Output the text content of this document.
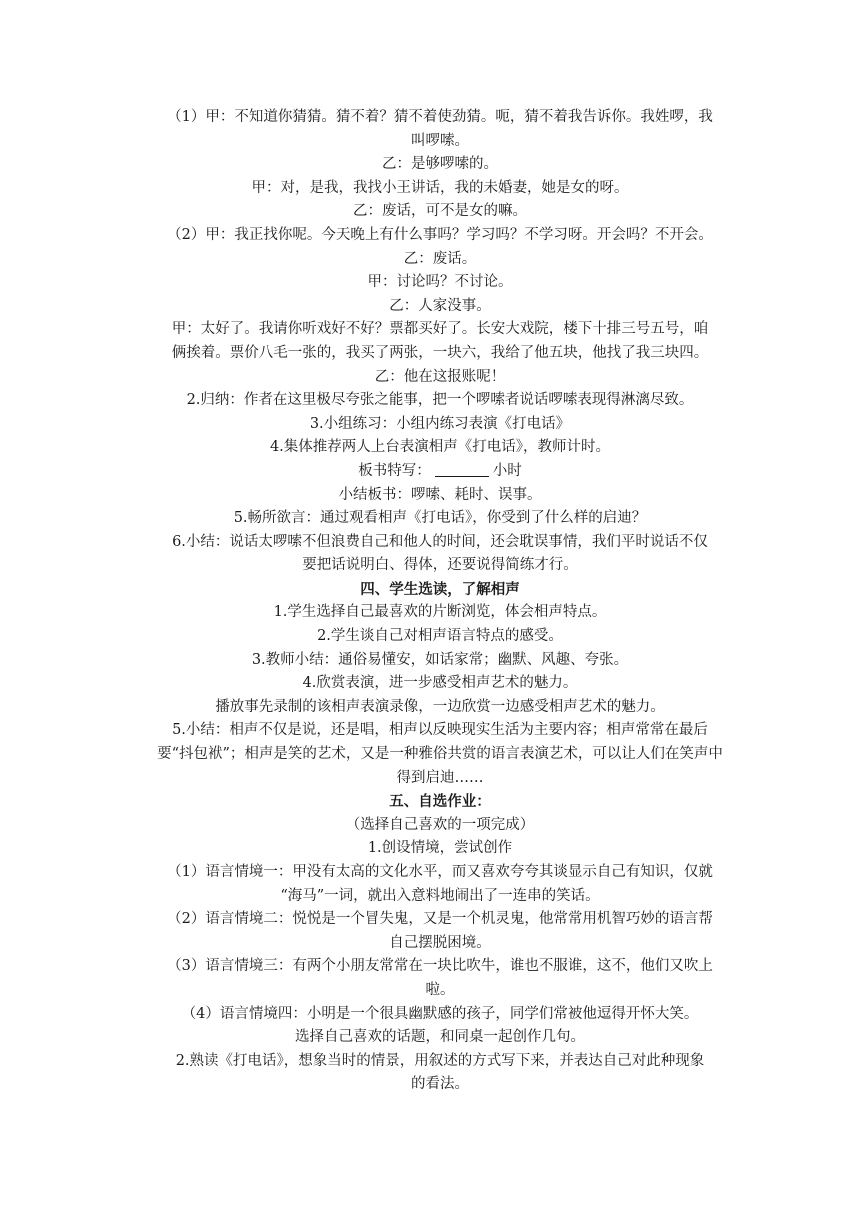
（1）甲：不知道你猜猜。猜不着？猜不着使劲猜。呃，猜不着我告诉你。我姓啰，我
叫啰嗦。
乙：是够啰嗦的。
甲：对，是我，我找小王讲话，我的未婚妻，她是女的呀。
乙：废话，可不是女的嘛。
（2）甲：我正找你呢。今天晚上有什么事吗？学习吗？不学习呀。开会吗？不开会。
乙：废话。
甲：讨论吗？不讨论。
乙：人家没事。
甲：太好了。我请你听戏好不好？票都买好了。长安大戏院，楼下十排三号五号，咱
俩挨着。票价八毛一张的，我买了两张，一块六，我给了他五块，他找了我三块四。
乙：他在这报账呢！
2.归纳：作者在这里极尽夸张之能事，把一个啰嗦者说话啰嗦表现得淋漓尽致。
3.小组练习：小组内练习表演《打电话》
4.集体推荐两人上台表演相声《打电话》，教师计时。
板书特写：	小时
小结板书：啰嗦、耗时、误事。
5.畅所欲言：通过观看相声《打电话》，你受到了什么样的启迪？
6.小结：说话太啰嗦不但浪费自己和他人的时间，还会耽误事情，我们平时说话不仅
要把话说明白、得体，还要说得简练才行。
四、学生选读，了解相声
1.学生选择自己最喜欢的片断浏览，体会相声特点。
2.学生谈自己对相声语言特点的感受。
3.教师小结：通俗易懂安，如话家常；幽默、风趣、夸张。
4.欣赏表演，进一步感受相声艺术的魅力。
播放事先录制的该相声表演录像，一边欣赏一边感受相声艺术的魅力。
5.小结：相声不仅是说，还是唱，相声以反映现实生活为主要内容；相声常常在最后
要“抖包袱”；相声是笑的艺术，又是一种雅俗共赏的语言表演艺术，可以让人们在笑声中
得到启迪……
五、自选作业：
（选择自己喜欢的一项完成）
1.创设情境，尝试创作
（1）语言情境一：甲没有太高的文化水平，而又喜欢夸夸其谈显示自己有知识，仅就
“海马”一词，就出入意料地闹出了一连串的笑话。
（2）语言情境二：悦悦是一个冒失鬼，又是一个机灵鬼，他常常用机智巧妙的语言帮
自己摆脱困境。
（3）语言情境三：有两个小朋友常常在一块比吹牛，谁也不服谁，这不，他们又吹上
啦。
（4）语言情境四：小明是一个很具幽默感的孩子，同学们常被他逗得开怀大笑。
选择自己喜欢的话题，和同桌一起创作几句。
2.熟读《打电话》，想象当时的情景，用叙述的方式写下来，并表达自己对此种现象
的看法。
